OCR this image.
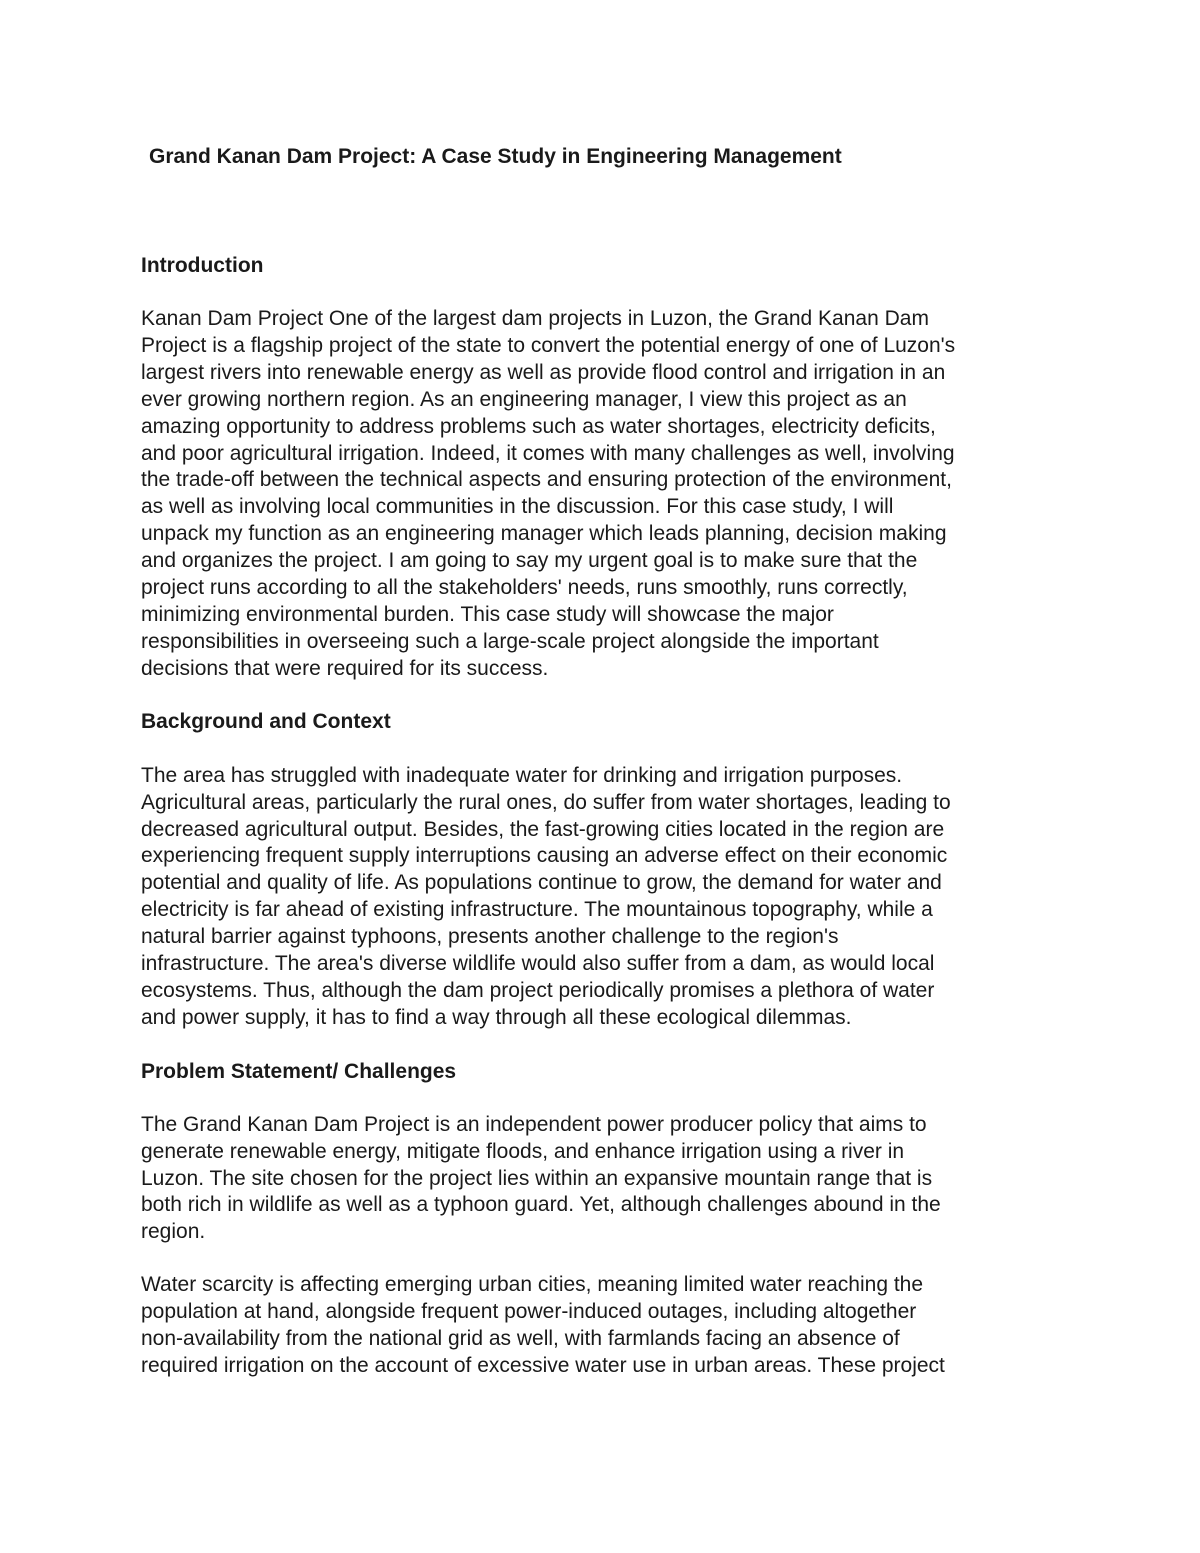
Grand Kanan Dam Project: A Case Study in Engineering Management
Introduction

Kanan Dam Project One of the largest dam projects in Luzon, the Grand Kanan Dam
Project is a flagship project of the state to convert the potential energy of one of Luzon's
largest rivers into renewable energy as well as provide flood control and irrigation in an
ever growing northern region. As an engineering manager, I view this project as an
amazing opportunity to address problems such as water shortages, electricity deficits,
and poor agricultural irrigation. Indeed, it comes with many challenges as well, involving
the trade-off between the technical aspects and ensuring protection of the environment,
as well as involving local communities in the discussion. For this case study, I will
unpack my function as an engineering manager which leads planning, decision making
and organizes the project. I am going to say my urgent goal is to make sure that the
project runs according to all the stakeholders' needs, runs smoothly, runs correctly,
minimizing environmental burden. This case study will showcase the major
responsibilities in overseeing such a large-scale project alongside the important
decisions that were required for its success.

Background and Context

The area has struggled with inadequate water for drinking and irrigation purposes.
Agricultural areas, particularly the rural ones, do suffer from water shortages, leading to
decreased agricultural output. Besides, the fast-growing cities located in the region are
experiencing frequent supply interruptions causing an adverse effect on their economic
potential and quality of life. As populations continue to grow, the demand for water and
electricity is far ahead of existing infrastructure. The mountainous topography, while a
natural barrier against typhoons, presents another challenge to the region's
infrastructure. The area's diverse wildlife would also suffer from a dam, as would local
ecosystems. Thus, although the dam project periodically promises a plethora of water
and power supply, it has to find a way through all these ecological dilemmas.

Problem Statement/ Challenges

The Grand Kanan Dam Project is an independent power producer policy that aims to
generate renewable energy, mitigate floods, and enhance irrigation using a river in
Luzon. The site chosen for the project lies within an expansive mountain range that is
both rich in wildlife as well as a typhoon guard. Yet, although challenges abound in the
region.

Water scarcity is affecting emerging urban cities, meaning limited water reaching the
population at hand, alongside frequent power-induced outages, including altogether
non-availability from the national grid as well, with farmlands facing an absence of
required irrigation on the account of excessive water use in urban areas. These project
